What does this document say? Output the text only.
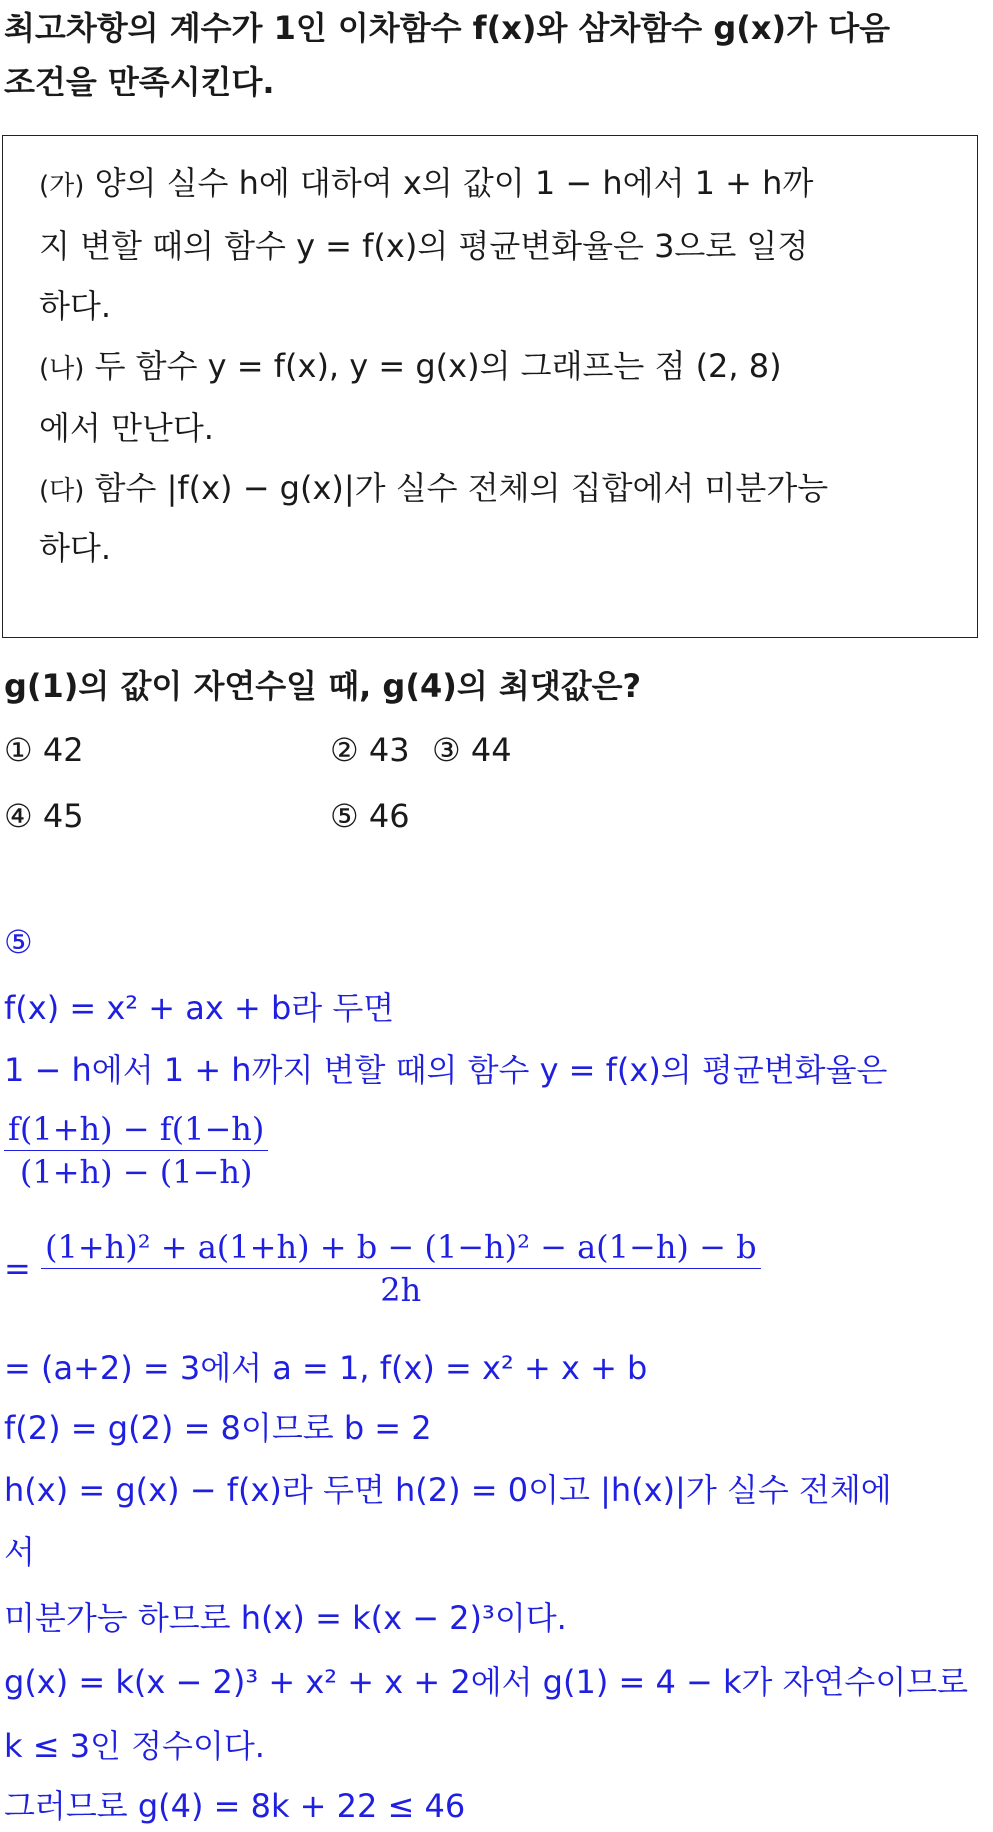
최고차항의 계수가 1인 이차함수 f(x)와 삼차함수 g(x)가 다음
조건을 만족시킨다.
(가) 양의 실수 h에 대하여 x의 값이 1 − h에서 1 + h까
지 변할 때의 함수 y = f(x)의 평균변화율은 3으로 일정
하다.
(나) 두 함수 y = f(x), y = g(x)의 그래프는 점 (2, 8)
에서 만난다.
(다) 함수 |f(x) − g(x)|가 실수 전체의 집합에서 미분가능
하다.
g(1)의 값이 자연수일 때, g(4)의 최댓값은?
① 42	② 43 ③ 44
④ 45	⑤ 46
⑤
f(x) = x² + ax + b라 두면
1 − h에서 1 + h까지 변할 때의 함수 y = f(x)의 평균변화율은
$\frac{f(1+h) - f(1-h)}{(1+h) - (1-h)}$
= $\frac{\text{(1+h)² + a(1+h) + b − (1−h)² − a(1−h) − b}}{2h}$
= (a+2) = 3에서 a = 1, f(x) = x² + x + b
f(2) = g(2) = 8이므로 b = 2
h(x) = g(x) − f(x)라 두면 h(2) = 0이고 |h(x)|가 실수 전체에
서
미분가능 하므로 h(x) = k(x − 2)³이다.
g(x) = k(x − 2)³ + x² + x + 2에서 g(1) = 4 − k가 자연수이므로
k ≤ 3인 정수이다.
그러므로 g(4) = 8k + 22 ≤ 46
